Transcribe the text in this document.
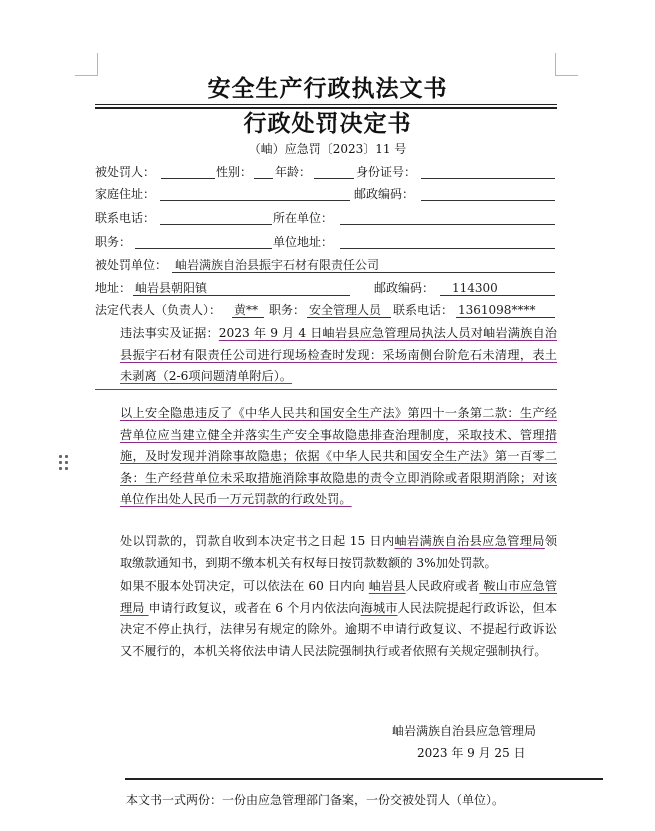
安全生产行政执法文书
行政处罚决定书
（岫）应急罚〔2023〕11 号
被处罚人：	性别： 年龄：	身份证号：
家庭住址：	邮政编码：
联系电话：	所在单位：
职务：	单位地址：
被处罚单位： 岫岩满族自治县振宇石材有限责任公司
地址： 岫岩县朝阳镇	邮政编码： 114300
法定代表人（负责人）： 黄** 职务： 安全管理人员 联系电话： 1361098****
违法事实及证据：2023 年 9 月 4 日岫岩县应急管理局执法人员对岫岩满族自治县振宇石材有限责任公司进行现场检查时发现：采场南侧台阶危石未清理，表土未剥离（2-6项问题清单附后）。
以上安全隐患违反了《中华人民共和国安全生产法》第四十一条第二款：生产经营单位应当建立健全并落实生产安全事故隐患排查治理制度，采取技术、管理措施，及时发现并消除事故隐患；依据《中华人民共和国安全生产法》第一百零二条：生产经营单位未采取措施消除事故隐患的责令立即消除或者限期消除；对该单位作出处人民币一万元罚款的行政处罚。
处以罚款的，罚款自收到本决定书之日起 15 日内岫岩满族自治县应急管理局领取缴款通知书，到期不缴本机关有权每日按罚款数额的 3%加处罚款。
如果不服本处罚决定，可以依法在 60 日内向 岫岩县人民政府或者 鞍山市应急管理局 申请行政复议，或者在 6 个月内依法向海城市人民法院提起行政诉讼，但本决定不停止执行，法律另有规定的除外。逾期不申请行政复议、不提起行政诉讼又不履行的，本机关将依法申请人民法院强制执行或者依照有关规定强制执行。
岫岩满族自治县应急管理局
2023 年 9 月 25 日
本文书一式两份：一份由应急管理部门备案，一份交被处罚人（单位）。
